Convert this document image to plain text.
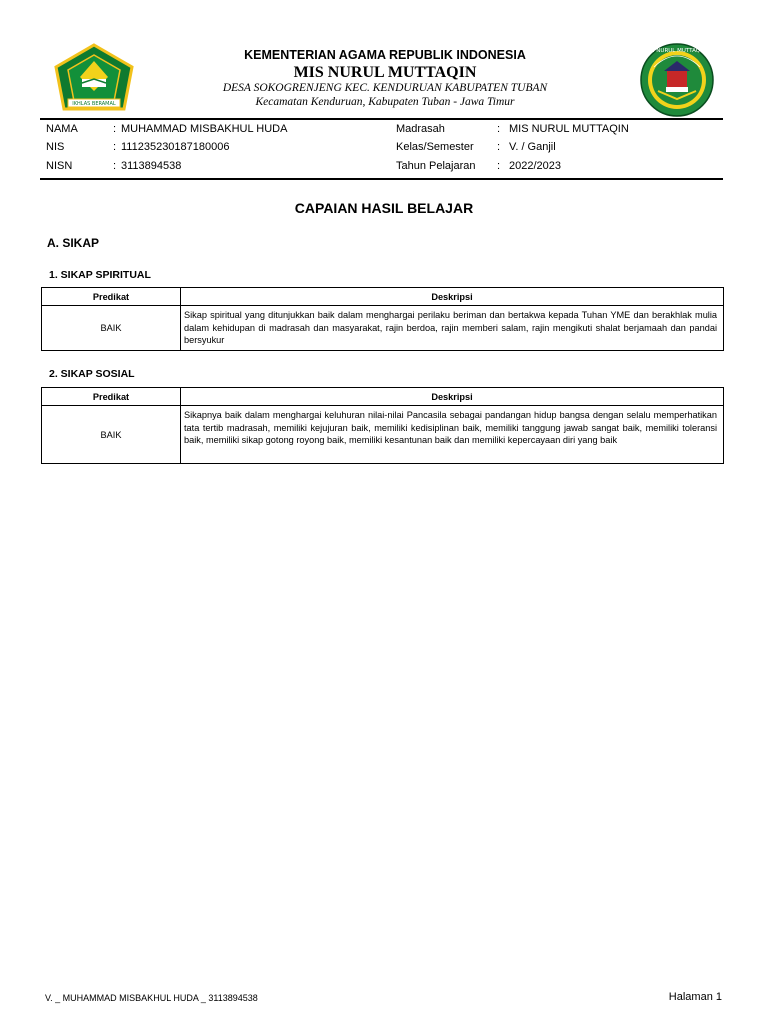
IKHLAS BERAMAL
MI NURUL MUTTAQIN
KEMENTERIAN AGAMA REPUBLIK INDONESIA
MIS NURUL MUTTAQIN
DESA SOKOGRENJENG KEC. KENDURUAN KABUPATEN TUBAN
Kecamatan Kenduruan, Kabupaten Tuban - Jawa Timur
NAMA	: MUHAMMAD MISBAKHUL HUDA
NIS	: 111235230187180006
NISN	: 3113894538
Madrasah	: MIS NURUL MUTTAQIN
Kelas/Semester : V. / Ganjil
Tahun Pelajaran : 2022/2023
CAPAIAN HASIL BELAJAR
A. SIKAP
1. SIKAP SPIRITUAL
Predikat	Deskripsi
BAIK	Sikap spiritual yang ditunjukkan baik dalam menghargai perilaku beriman dan bertakwa kepada Tuhan YME dan berakhlak mulia dalam kehidupan di madrasah dan masyarakat, rajin berdoa, rajin memberi salam, rajin mengikuti shalat berjamaah dan pandai bersyukur
2. SIKAP SOSIAL
Predikat	Deskripsi
BAIK	Sikapnya baik dalam menghargai keluhuran nilai-nilai Pancasila sebagai pandangan hidup bangsa dengan selalu memperhatikan tata tertib madrasah, memiliki kejujuran baik, memiliki kedisiplinan baik, memiliki tanggung jawab sangat baik, memiliki toleransi baik, memiliki sikap gotong royong baik, memiliki kesantunan baik dan memiliki kepercayaan diri yang baik
V. _ MUHAMMAD MISBAKHUL HUDA _ 3113894538	Halaman 1
